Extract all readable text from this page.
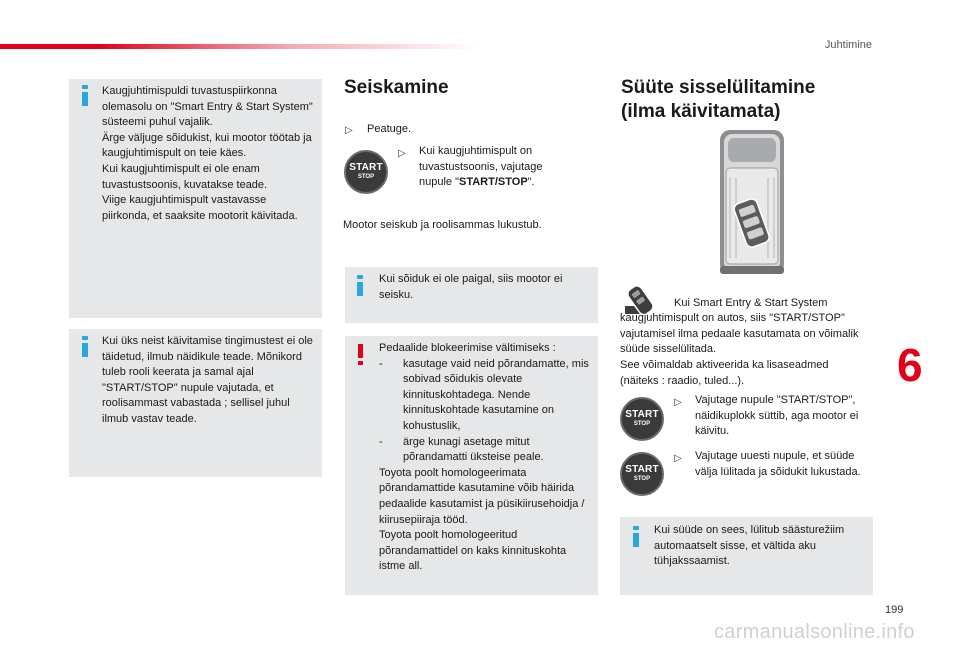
Juhtimine
Kaugjuhtimispuldi tuvastuspiirkonna olemasolu on "Smart Entry & Start System" süsteemi puhul vajalik.
Ärge väljuge sõidukist, kui mootor töötab ja kaugjuhtimispult on teie käes.
Kui kaugjuhtimispult ei ole enam tuvastustsoonis, kuvatakse teade.
Viige kaugjuhtimispult vastavasse piirkonda, et saaksite mootorit käivitada.
Kui üks neist käivitamise tingimustest ei ole täidetud, ilmub näidikule teade. Mõnikord tuleb rooli keerata ja samal ajal "START/STOP" nupule vajutada, et roolisammast vabastada ; sellisel juhul ilmub vastav teade.
Seiskamine
▷ Peatuge.
START
STOP
▷ Kui kaugjuhtimispult on tuvastustsoonis, vajutage nupule "START/STOP".
Mootor seiskub ja roolisammas lukustub.
Kui sõiduk ei ole paigal, siis mootor ei seisku.
Pedaalide blokeerimise vältimiseks :
- kasutage vaid neid põrandamatte, mis sobivad sõidukis olevate kinnituskohtadega. Nende kinnituskohtade kasutamine on kohustuslik,
- ärge kunagi asetage mitut põrandamatti üksteise peale.
Toyota poolt homologeerimata põrandamattide kasutamine võib häirida pedaalide kasutamist ja püsikiirusehoidja / kiirusepiiraja tööd.
Toyota poolt homologeeritud põrandamattidel on kaks kinnituskohta istme all.
Süüte sisselülitamine
(ilma käivitamata)

Kui Smart Entry & Start System kaugjuhtimispult on autos, siis "START/STOP" vajutamisel ilma pedaale kasutamata on võimalik süüde sisselülitada.
See võimaldab aktiveerida ka lisaseadmed (näiteks : raadio, tuled...).

START
STOP
▷ Vajutage nupule "START/STOP", näidikuplokk süttib, aga mootor ei käivitu.
START
STOP
▷ Vajutage uuesti nupule, et süüde välja lülitada ja sõidukit lukustada.
Kui süüde on sees, lülitub säästurežiim automaatselt sisse, et vältida aku tühjakssaamist.
6
199
carmanualsonline.info
